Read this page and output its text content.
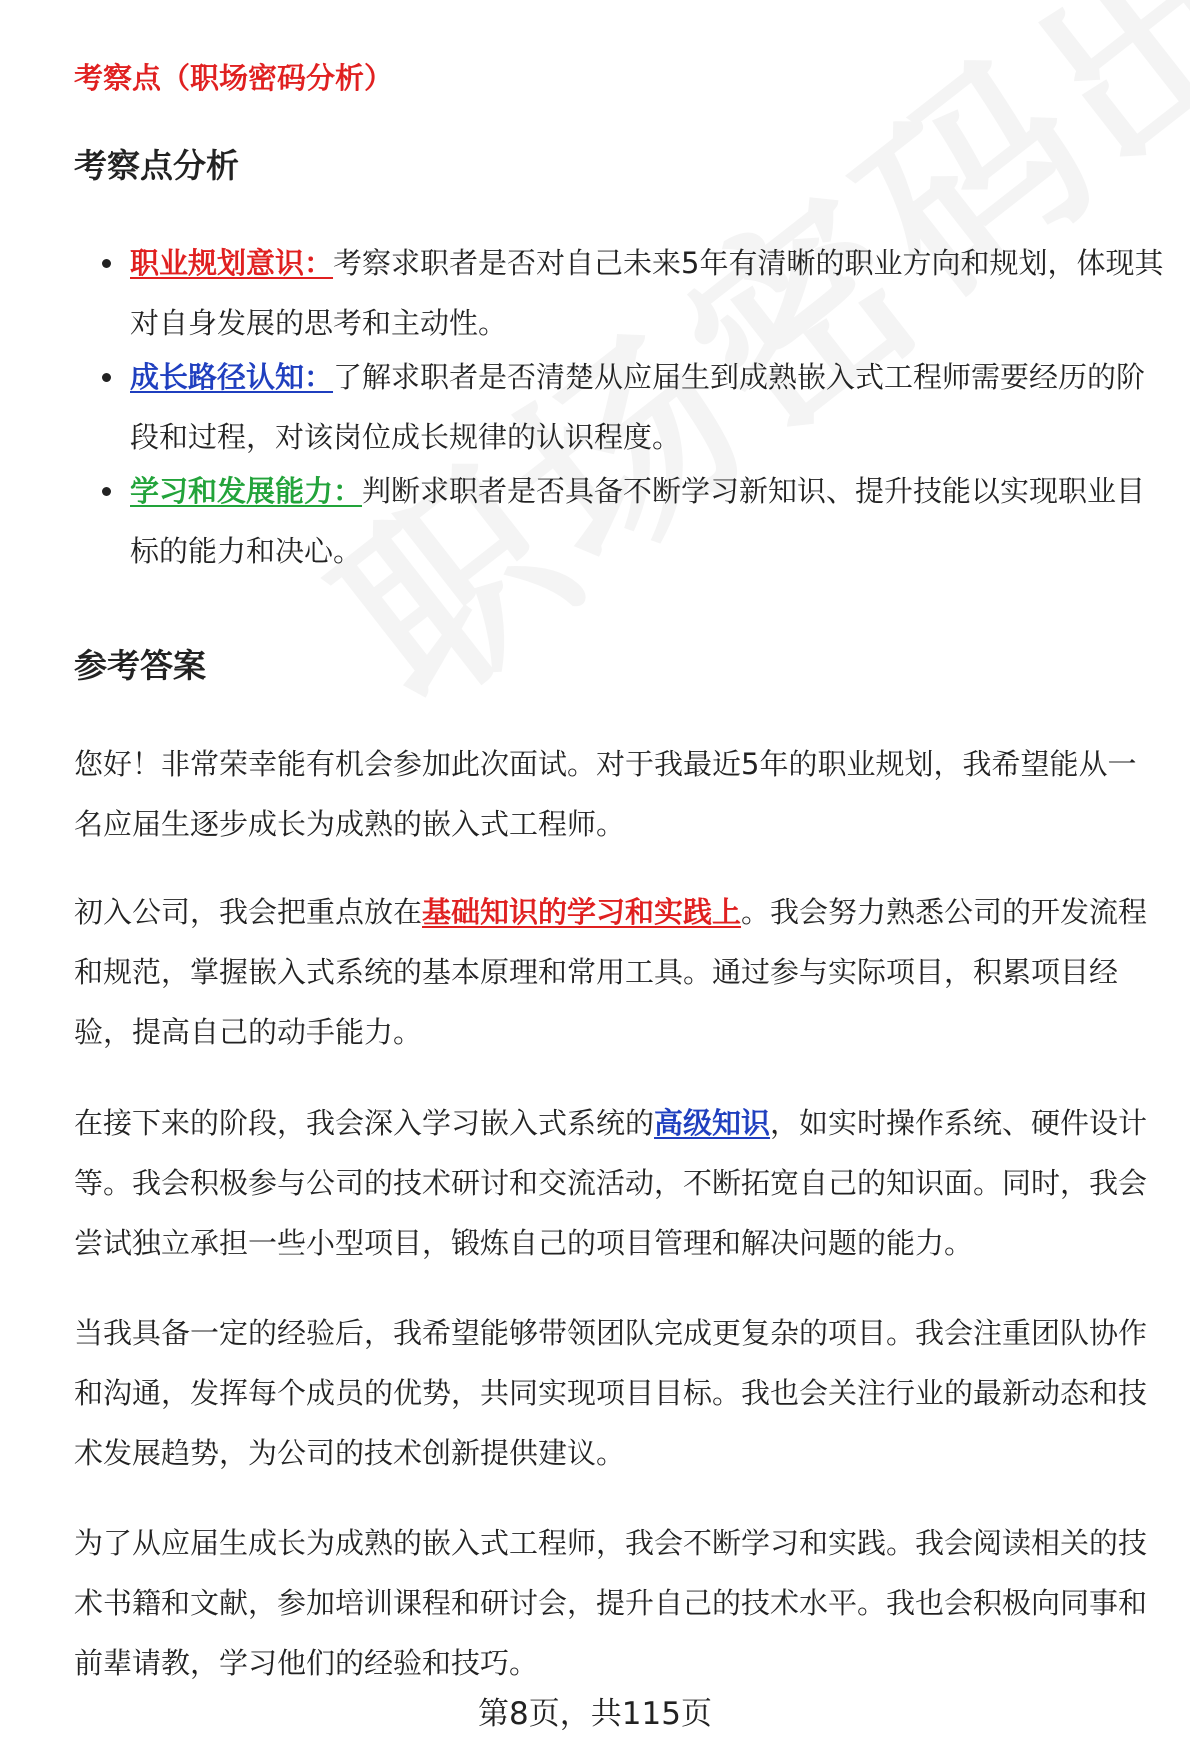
考察点（职场密码分析）
考察点分析
职业规划意识：考察求职者是否对自己未来5年有清晰的职业方向和规划，体现其对自身发展的思考和主动性。
成长路径认知：了解求职者是否清楚从应届生到成熟嵌入式工程师需要经历的阶段和过程，对该岗位成长规律的认识程度。
学习和发展能力：判断求职者是否具备不断学习新知识、提升技能以实现职业目标的能力和决心。
参考答案

您好！非常荣幸能有机会参加此次面试。对于我最近5年的职业规划，我希望能从一名应届生逐步成长为成熟的嵌入式工程师。

初入公司，我会把重点放在基础知识的学习和实践上。我会努力熟悉公司的开发流程和规范，掌握嵌入式系统的基本原理和常用工具。通过参与实际项目，积累项目经验，提高自己的动手能力。

在接下来的阶段，我会深入学习嵌入式系统的高级知识，如实时操作系统、硬件设计等。我会积极参与公司的技术研讨和交流活动，不断拓宽自己的知识面。同时，我会尝试独立承担一些小型项目，锻炼自己的项目管理和解决问题的能力。

当我具备一定的经验后，我希望能够带领团队完成更复杂的项目。我会注重团队协作和沟通，发挥每个成员的优势，共同实现项目目标。我也会关注行业的最新动态和技术发展趋势，为公司的技术创新提供建议。

为了从应届生成长为成熟的嵌入式工程师，我会不断学习和实践。我会阅读相关的技术书籍和文献，参加培训课程和研讨会，提升自己的技术水平。我也会积极向同事和前辈请教，学习他们的经验和技巧。

第8页，共115页
